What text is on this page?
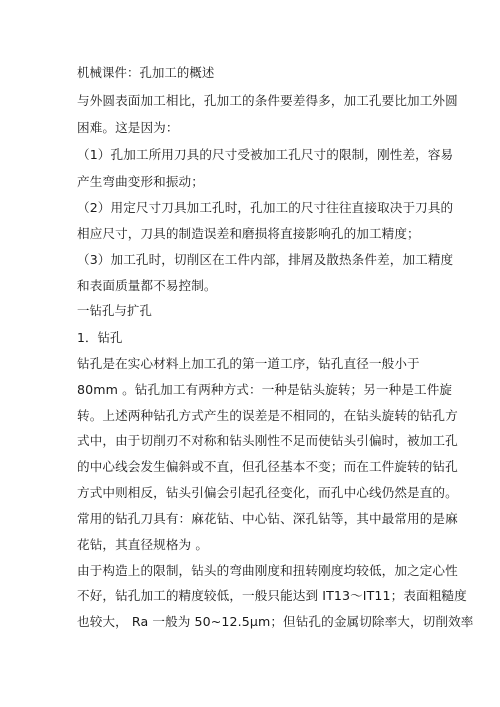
机械课件：孔加工的概述
与外圆表面加工相比，孔加工的条件要差得多，加工孔要比加工外圆
困难。这是因为：
（1）孔加工所用刀具的尺寸受被加工孔尺寸的限制，刚性差，容易
产生弯曲变形和振动；
（2）用定尺寸刀具加工孔时，孔加工的尺寸往往直接取决于刀具的
相应尺寸，刀具的制造误差和磨损将直接影响孔的加工精度；
（3）加工孔时，切削区在工件内部，排屑及散热条件差，加工精度
和表面质量都不易控制。
一钻孔与扩孔
1．钻孔
钻孔是在实心材料上加工孔的第一道工序，钻孔直径一般小于
80mm 。钻孔加工有两种方式：一种是钻头旋转；另一种是工件旋
转。上述两种钻孔方式产生的误差是不相同的，在钻头旋转的钻孔方
式中，由于切削刃不对称和钻头刚性不足而使钻头引偏时，被加工孔
的中心线会发生偏斜或不直，但孔径基本不变；而在工件旋转的钻孔
方式中则相反，钻头引偏会引起孔径变化，而孔中心线仍然是直的。
常用的钻孔刀具有：麻花钻、中心钻、深孔钻等，其中最常用的是麻
花钻，其直径规格为 。
由于构造上的限制，钻头的弯曲刚度和扭转刚度均较低，加之定心性
不好，钻孔加工的精度较低，一般只能达到 IT13～IT11；表面粗糙度
也较大， Ra 一般为 50~12.5μm；但钻孔的金属切除率大，切削效率
